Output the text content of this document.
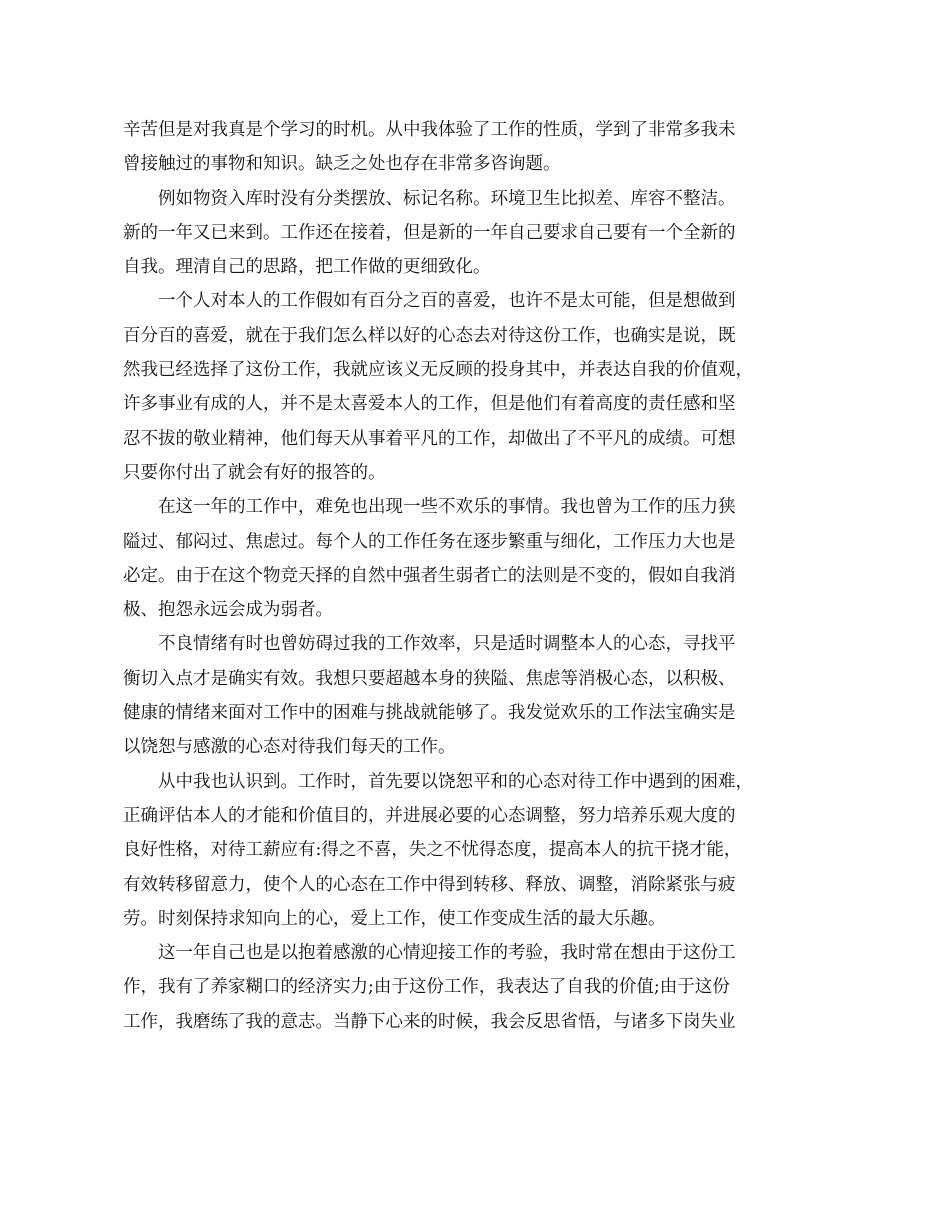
辛苦但是对我真是个学习的时机。从中我体验了工作的性质，学到了非常多我未
曾接触过的事物和知识。缺乏之处也存在非常多咨询题。
例如物资入库时没有分类摆放、标记名称。环境卫生比拟差、库容不整洁。
新的一年又已来到。工作还在接着，但是新的一年自己要求自己要有一个全新的
自我。理清自己的思路，把工作做的更细致化。
一个人对本人的工作假如有百分之百的喜爱，也许不是太可能，但是想做到
百分百的喜爱，就在于我们怎么样以好的心态去对待这份工作，也确实是说，既
然我已经选择了这份工作，我就应该义无反顾的投身其中，并表达自我的价值观，
许多事业有成的人，并不是太喜爱本人的工作，但是他们有着高度的责任感和坚
忍不拔的敬业精神，他们每天从事着平凡的工作，却做出了不平凡的成绩。可想
只要你付出了就会有好的报答的。
在这一年的工作中，难免也出现一些不欢乐的事情。我也曾为工作的压力狭
隘过、郁闷过、焦虑过。每个人的工作任务在逐步繁重与细化，工作压力大也是
必定。由于在这个物竞天择的自然中强者生弱者亡的法则是不变的，假如自我消
极、抱怨永远会成为弱者。
不良情绪有时也曾妨碍过我的工作效率，只是适时调整本人的心态，寻找平
衡切入点才是确实有效。我想只要超越本身的狭隘、焦虑等消极心态，以积极、
健康的情绪来面对工作中的困难与挑战就能够了。我发觉欢乐的工作法宝确实是
以饶恕与感激的心态对待我们每天的工作。
从中我也认识到。工作时，首先要以饶恕平和的心态对待工作中遇到的困难，
正确评估本人的才能和价值目的，并进展必要的心态调整，努力培养乐观大度的
良好性格，对待工薪应有:得之不喜，失之不忧得态度，提高本人的抗干挠才能，
有效转移留意力，使个人的心态在工作中得到转移、释放、调整，消除紧张与疲
劳。时刻保持求知向上的心，爱上工作，使工作变成生活的最大乐趣。
这一年自己也是以抱着感激的心情迎接工作的考验，我时常在想由于这份工
作，我有了养家糊口的经济实力;由于这份工作，我表达了自我的价值;由于这份
工作，我磨练了我的意志。当静下心来的时候，我会反思省悟，与诸多下岗失业
